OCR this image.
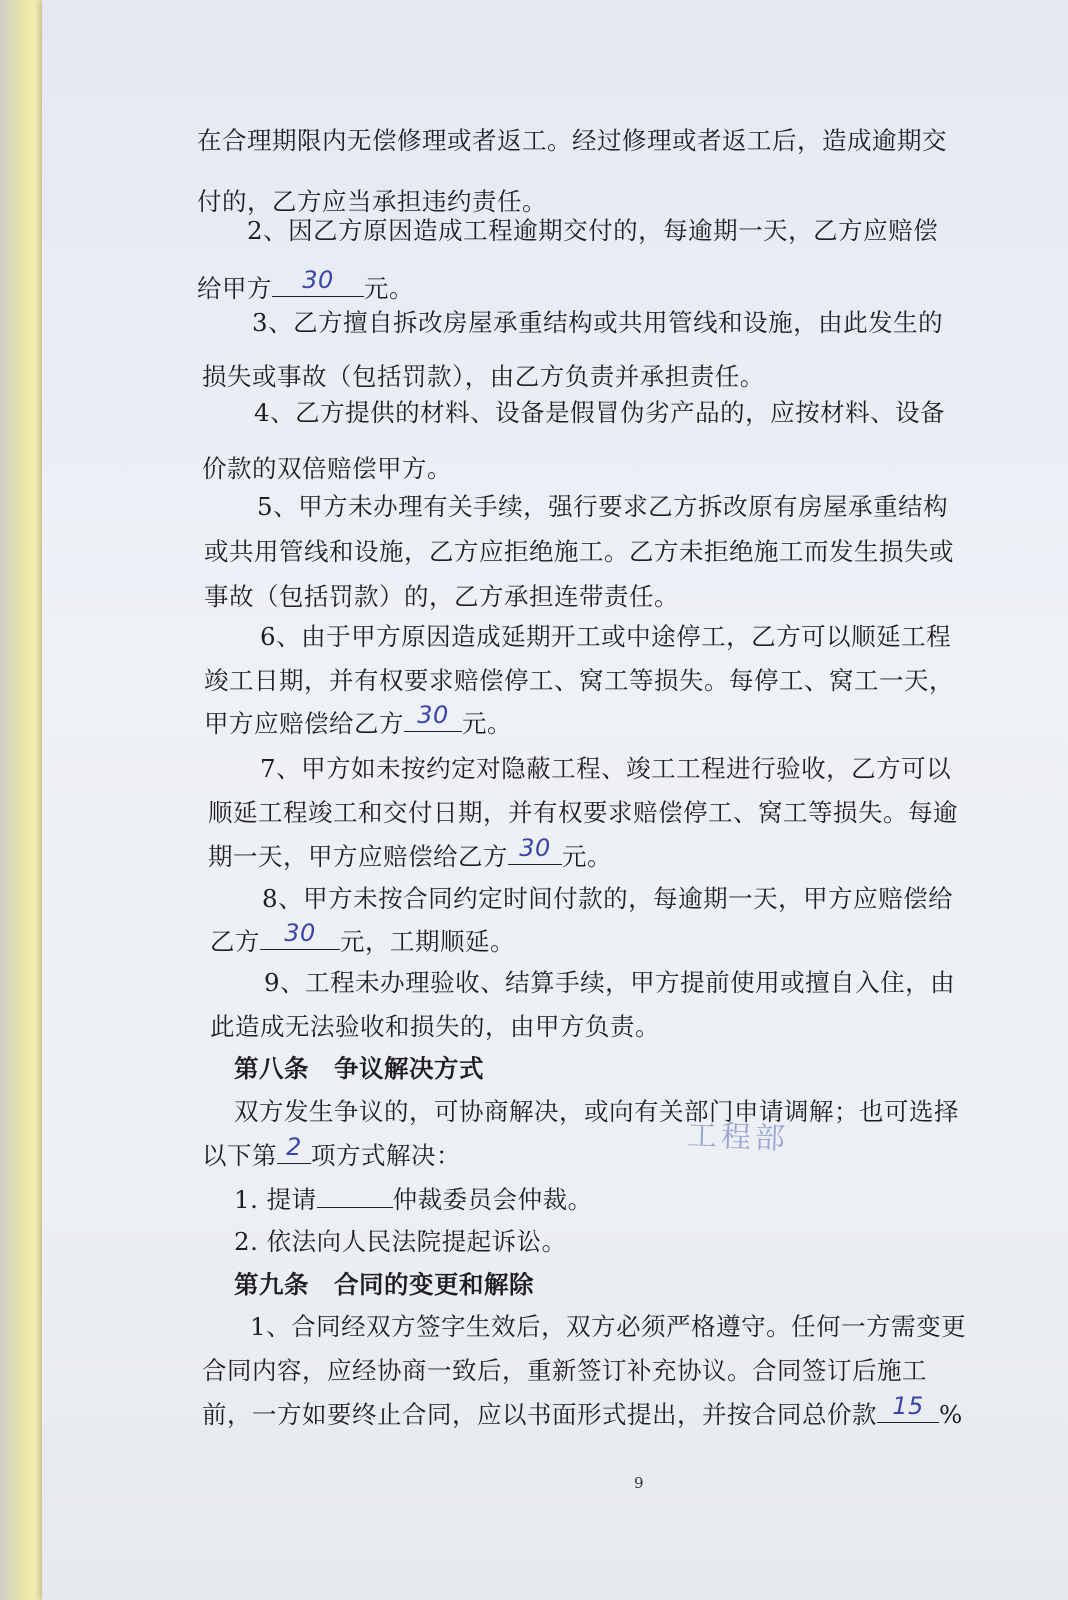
在合理期限内无偿修理或者返工。经过修理或者返工后，造成逾期交
付的，乙方应当承担违约责任。
2、因乙方原因造成工程逾期交付的，每逾期一天，乙方应赔偿
给甲方	30	元。
3、乙方擅自拆改房屋承重结构或共用管线和设施，由此发生的
损失或事故（包括罚款），由乙方负责并承担责任。
4、乙方提供的材料、设备是假冒伪劣产品的，应按材料、设备
价款的双倍赔偿甲方。
5、甲方未办理有关手续，强行要求乙方拆改原有房屋承重结构
或共用管线和设施，乙方应拒绝施工。乙方未拒绝施工而发生损失或
事故（包括罚款）的，乙方承担连带责任。
6、由于甲方原因造成延期开工或中途停工，乙方可以顺延工程
竣工日期，并有权要求赔偿停工、窝工等损失。每停工、窝工一天，
甲方应赔偿给乙方 30 元。
7、甲方如未按约定对隐蔽工程、竣工工程进行验收，乙方可以
顺延工程竣工和交付日期，并有权要求赔偿停工、窝工等损失。每逾
期一天，甲方应赔偿给乙方 30 元。
8、甲方未按合同约定时间付款的，每逾期一天，甲方应赔偿给
乙方	30 元，工期顺延。
9、工程未办理验收、结算手续，甲方提前使用或擅自入住，由
此造成无法验收和损失的，由甲方负责。
第八条　争议解决方式
双方发生争议的，可协商解决，或向有关部门申请调解；也可选择
以下第 2 项方式解决：
1. 提请	仲裁委员会仲裁。
2. 依法向人民法院提起诉讼。
第九条　合同的变更和解除
1、合同经双方签字生效后，双方必须严格遵守。任何一方需变更
合同内容，应经协商一致后，重新签订补充协议。合同签订后施工
前，一方如要终止合同，应以书面形式提出，并按合同总价款 15 %
工程部
9
